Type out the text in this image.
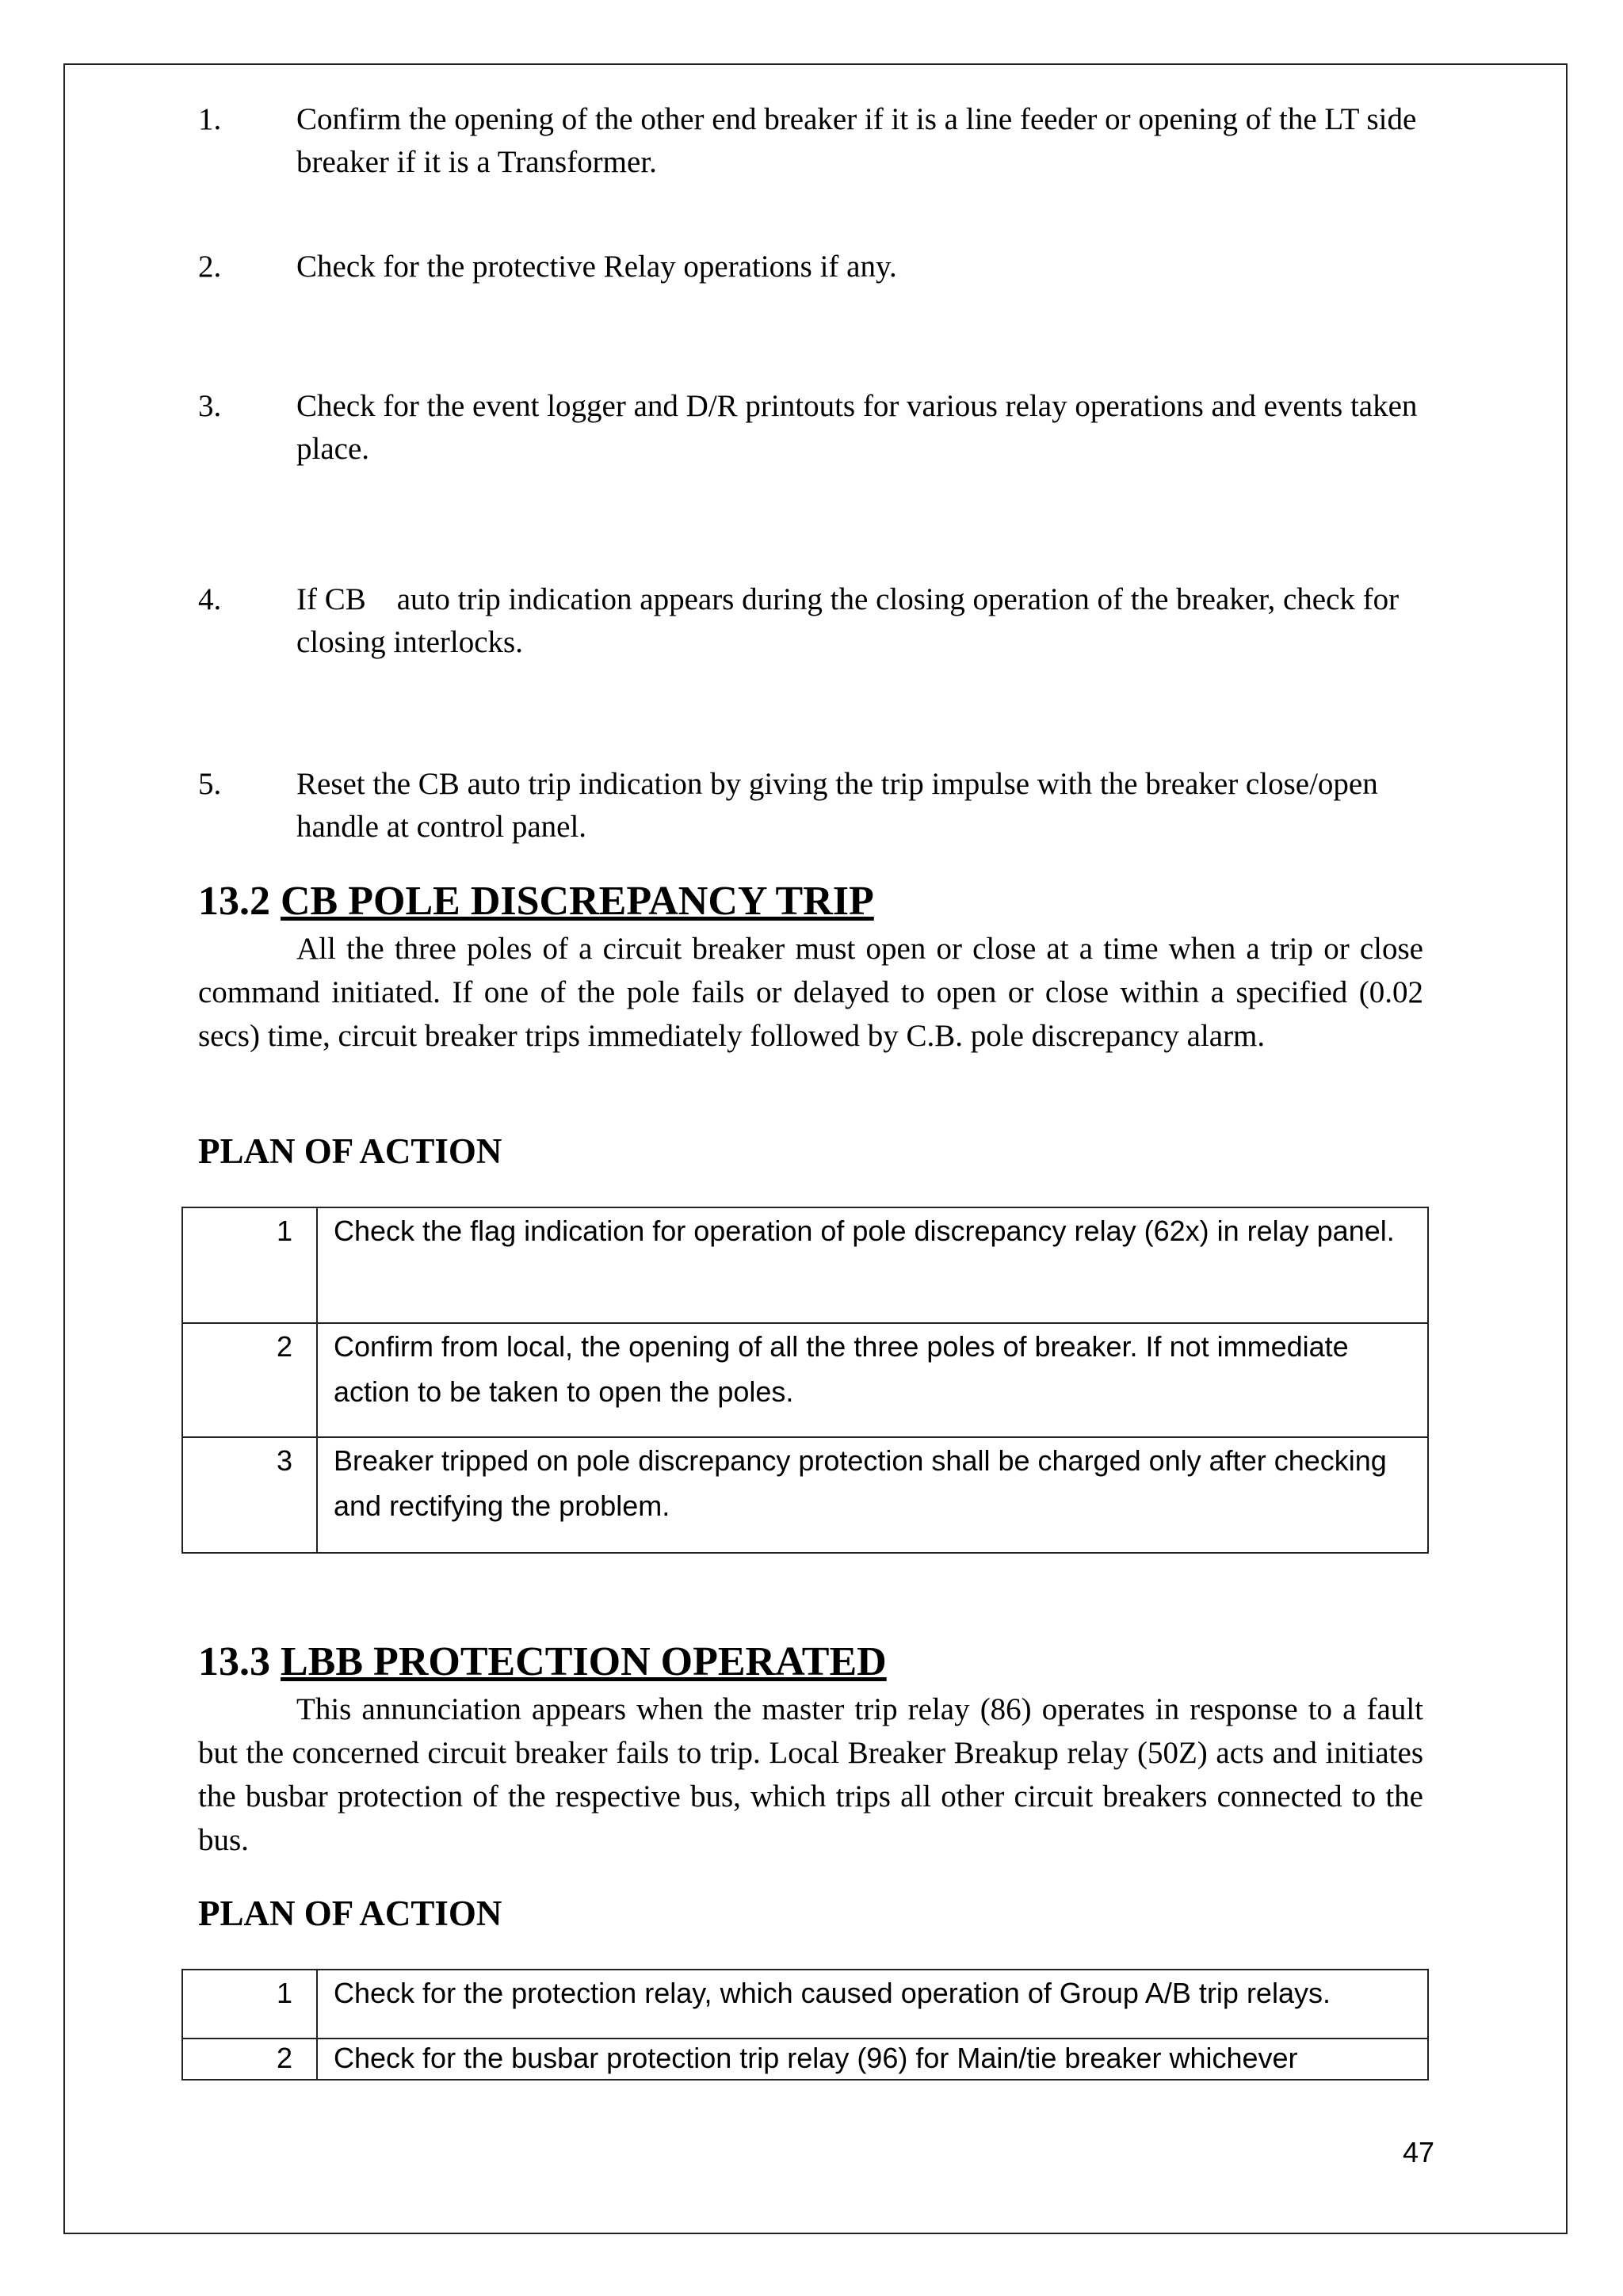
1.	Confirm the opening of the other end breaker if it is a line feeder or opening of the LT side breaker if it is a Transformer.
2.	Check for the protective Relay operations if any.
3.	Check for the event logger and D/R printouts for various relay operations and events taken place.
4.	If CB    auto trip indication appears during the closing operation of the breaker, check for closing interlocks.
5.	Reset the CB auto trip indication by giving the trip impulse with the breaker close/open handle at control panel.
13.2 CB POLE DISCREPANCY TRIP
All the three poles of a circuit breaker must open or close at a time when a trip or close command initiated. If one of the pole fails or delayed to open or close within a specified (0.02 secs) time, circuit breaker trips immediately followed by C.B. pole discrepancy alarm.
PLAN OF ACTION
1	Check the flag indication for operation of pole discrepancy relay (62x) in relay panel.
2	Confirm from local, the opening of all the three poles of breaker. If not immediate action to be taken to open the poles.
3	Breaker tripped on pole discrepancy protection shall be charged only after checking and rectifying the problem.
13.3 LBB PROTECTION OPERATED
This annunciation appears when the master trip relay (86) operates in response to a fault but the concerned circuit breaker fails to trip. Local Breaker Breakup relay (50Z) acts and initiates the busbar protection of the respective bus, which trips all other circuit breakers connected to the bus.
PLAN OF ACTION
1	Check for the protection relay, which caused operation of Group A/B trip relays.
2	Check for the busbar protection trip relay (96) for Main/tie breaker whichever
47
